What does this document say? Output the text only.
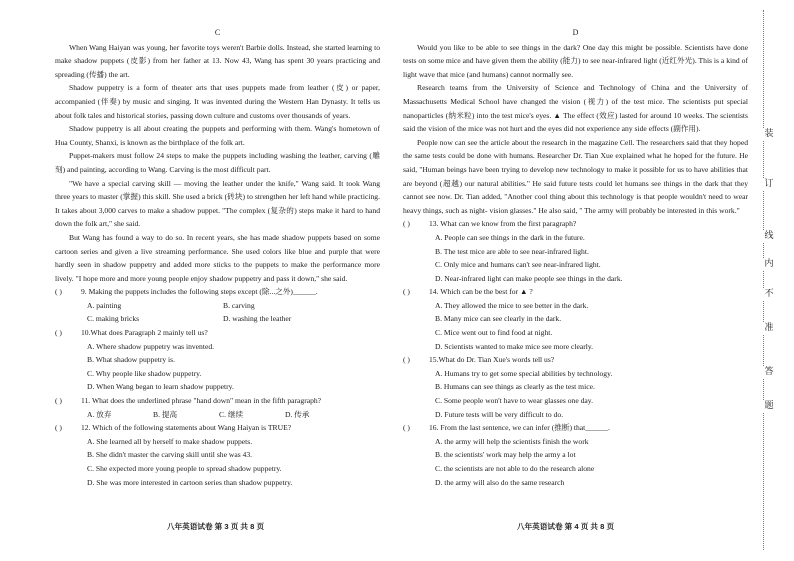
C

When Wang Haiyan was young, her favorite toys weren't Barbie dolls. Instead, she started learning to make shadow puppets (皮影) from her father at 13. Now 43, Wang has spent 30 years practicing and spreading (传播) the art.

Shadow puppetry is a form of theater arts that uses puppets made from leather (皮) or paper, accompanied (伴奏) by music and singing. It was invented during the Western Han Dynasty. It tells us about folk tales and historical stories, passing down culture and customs over thousands of years.

Shadow puppetry is all about creating the puppets and performing with them. Wang's hometown of Hua County, Shanxi, is known as the birthplace of the folk art.

Puppet-makers must follow 24 steps to make the puppets including washing the leather, carving (雕刻) and painting, according to Wang. Carving is the most difficult part.

"We have a special carving skill — moving the leather under the knife," Wang said. It took Wang three years to master (掌握) this skill. She used a brick (砖块) to strengthen her left hand while practicing. It takes about 3,000 carves to make a shadow puppet. "The complex (复杂的) steps make it hard to hand down the folk art," she said.

But Wang has found a way to do so. In recent years, she has made shadow puppets based on some cartoon series and given a live streaming performance. She used colors like blue and purple that were hardly seen in shadow puppetry and added more sticks to the puppets to make the performance more lively. "I hope more and more young people enjoy shadow puppetry and pass it down," she said.

( )	9. Making the puppets includes the following steps except (除...之外)______.
A. painting	B. carving
C. making bricks	D. washing the leather
( )	10.What does Paragraph 2 mainly tell us?
A. Where shadow puppetry was invented.
B. What shadow puppetry is.
C. Why people like shadow puppetry.
D. When Wang began to learn shadow puppetry.
( )	11. What does the underlined phrase "hand down" mean in the fifth paragraph?
A. 放弃	B. 提高	C. 继续	D. 传承
( )	12. Which of the following statements about Wang Haiyan is TRUE?
A. She learned all by herself to make shadow puppets.
B. She didn't master the carving skill until she was 43.
C. She expected more young people to spread shadow puppetry.
D. She was more interested in cartoon series than shadow puppetry.
D

Would you like to be able to see things in the dark? One day this might be possible. Scientists have done tests on some mice and have given them the ability (能力) to see near-infrared light (近红外光). This is a kind of light wave that mice (and humans) cannot normally see.

Research teams from the University of Science and Technology of China and the University of Massachusetts Medical School have changed the vision (视力) of the test mice. The scientists put special nanoparticles (纳米粒) into the test mice's eyes. ▲ The effect (效应) lasted for around 10 weeks. The scientists said the vision of the mice was not hurt and the eyes did not experience any side effects (副作用).

People now can see the article about the research in the magazine Cell. The researchers said that they hoped the same tests could be done with humans. Researcher Dr. Tian Xue explained what he hoped for the future. He said, "Human beings have been trying to develop new technology to make it possible for us to have abilities that are beyond (超越) our natural abilities." He said future tests could let humans see things in the dark that they cannot see now. Dr. Tian added, "Another cool thing about this technology is that people wouldn't need to wear heavy things, such as night- vision glasses." He also said, " The army will probably be interested in this work."

( )	13. What can we know from the first paragraph?
A. People can see things in the dark in the future.
B. The test mice are able to see near-infrared light.
C. Only mice and humans can't see near-infrared light.
D. Near-infrared light can make people see things in the dark.
( )	14. Which can be the best for ▲ ?
A. They allowed the mice to see better in the dark.
B. Many mice can see clearly in the dark.
C. Mice went out to find food at night.
D. Scientists wanted to make mice see more clearly.
( )	15.What do Dr. Tian Xue's words tell us?
A. Humans try to get some special abilities by technology.
B. Humans can see things as clearly as the test mice.
C. Some people won't have to wear glasses one day.
D. Future tests will be very difficult to do.
( )	16. From the last sentence, we can infer (推断) that______.
A. the army will help the scientists finish the work
B. the scientists' work may help the army a lot
C. the scientists are not able to do the research alone
D. the army will also do the same research
八年英语试卷 第 3 页 共 8 页	八年英语试卷 第 4 页 共 8 页
装
订
线
内
不
准
答
题
